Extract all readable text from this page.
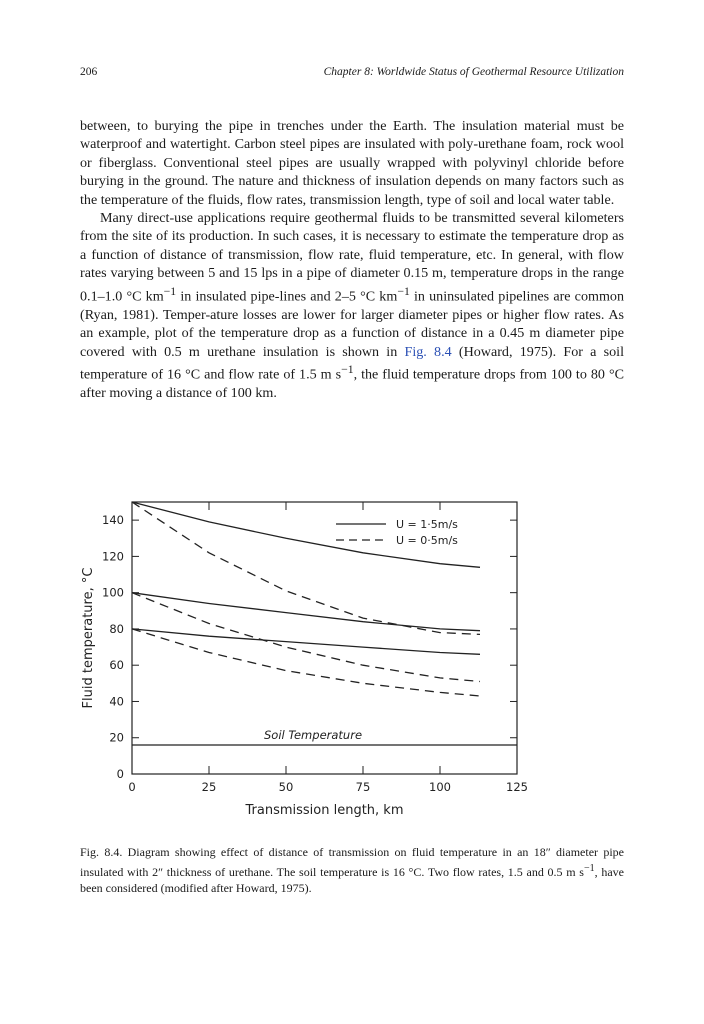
206	Chapter 8: Worldwide Status of Geothermal Resource Utilization

between, to burying the pipe in trenches under the Earth. The insulation material must be waterproof and watertight. Carbon steel pipes are insulated with poly-urethane foam, rock wool or fiberglass. Conventional steel pipes are usually wrapped with polyvinyl chloride before burying in the ground. The nature and thickness of insulation depends on many factors such as the temperature of the fluids, flow rates, transmission length, type of soil and local water table.

Many direct-use applications require geothermal fluids to be transmitted several kilometers from the site of its production. In such cases, it is necessary to estimate the temperature drop as a function of distance of transmission, flow rate, fluid temperature, etc. In general, with flow rates varying between 5 and 15 lps in a pipe of diameter 0.15 m, temperature drops in the range 0.1–1.0 °C $km^{-1}$ in insulated pipe-lines and 2–5 °C $km^{-1}$ in uninsulated pipelines are common (Ryan, 1981). Temper-ature losses are lower for larger diameter pipes or higher flow rates. As an example, plot of the temperature drop as a function of distance in a 0.45 m diameter pipe covered with 0.5 m urethane insulation is shown in Fig. 8.4 (Howard, 1975). For a soil temperature of 16 °C and flow rate of 1.5 m $s^{-1}$, the fluid temperature drops from 100 to 80 °C after moving a distance of 100 km.

0
20
40
60
80
100
120
140
0	25	50	75	100	125
Soil Temperature
U = 1·5m/s
U = 0·5m/s
Transmission length, km
Fluid temperature, °C
Fig. 8.4. Diagram showing effect of distance of transmission on fluid temperature in an 18″ diameter pipe insulated with 2″ thickness of urethane. The soil temperature is 16 °C. Two flow rates, 1.5 and 0.5 m $s^{-1}$, have been considered (modified after Howard, 1975).
